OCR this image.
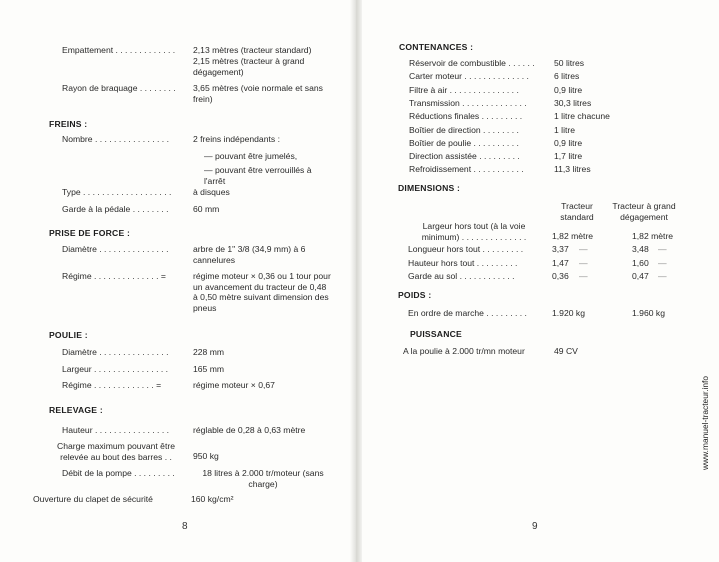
Empattement . . . . . . . . . . . . . 2,13 mètres (tracteur standard)
2,15 mètres (tracteur à grand dégagement)
Rayon de braquage . . . . . . . . 3,65 mètres (voie normale et sans frein)
FREINS :
Nombre . . . . . . . . . . . . . . . .	2 freins indépendants :
— pouvant être jumelés,
— pouvant être verrouillés à l'arrêt
Type . . . . . . . . . . . . . . . . . . .	à disques
Garde à la pédale . . . . . . . .	60 mm
PRISE DE FORCE :
Diamètre . . . . . . . . . . . . . . .	arbre de 1" 3/8 (34,9 mm) à 6 cannelures
Régime . . . . . . . . . . . . . . =	régime moteur × 0,36 ou 1 tour pour un avancement du tracteur de 0,48 à 0,50 mètre suivant dimension des pneus
POULIE :
Diamètre . . . . . . . . . . . . . . .	228 mm
Largeur . . . . . . . . . . . . . . . .	165 mm
Régime . . . . . . . . . . . . . =	régime moteur × 0,67
RELEVAGE :
Hauteur . . . . . . . . . . . . . . . .	réglable de 0,28 à 0,63 mètre
Charge maximum pouvant être relevée au bout des barres . .	950 kg
Débit de la pompe . . . . . . . . .	18 litres à 2.000 tr/moteur (sans charge)
Ouverture du clapet de sécurité	160 kg/cm²
8
CONTENANCES :
Réservoir de combustible . . . . . . 50 litres
Carter moteur . . . . . . . . . . . . . .	6 litres
Filtre à air . . . . . . . . . . . . . . .	0,9 litre
Transmission . . . . . . . . . . . . . .	30,3 litres
Réductions finales . . . . . . . . .	1 litre chacune
Boîtier de direction . . . . . . . .	1 litre
Boîtier de poulie . . . . . . . . . .	0,9 litre
Direction assistée . . . . . . . . .	1,7 litre
Refroidissement . . . . . . . . . . .	11,3 litres
DIMENSIONS :
Tracteur standard
Tracteur à grand dégagement
Largeur hors tout (à la voie minimum) . . . . . . . . . . . . . .	1,82 mètre	1,82 mètre
Longueur hors tout . . . . . . . . .	3,37 —	3,48 —
Hauteur hors tout . . . . . . . . .	1,47 —	1,60 —
Garde au sol . . . . . . . . . . . .	0,36 —	0,47 —
POIDS :
En ordre de marche . . . . . . . . .	1.920 kg	1.960 kg
PUISSANCE
A la poulie à 2.000 tr/mn moteur	49 CV
9
www.manuel-tracteur.info
